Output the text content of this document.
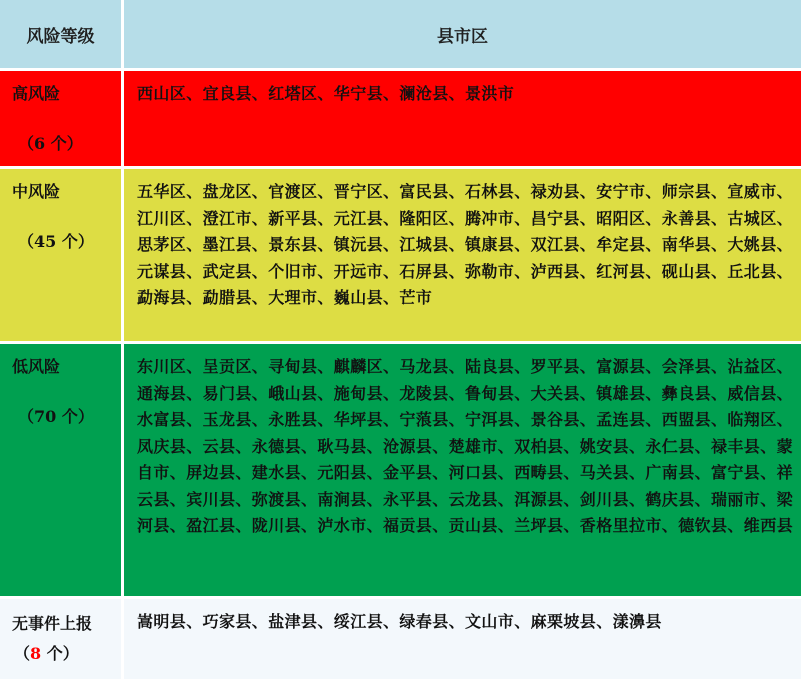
风险等级	县市区
高风险
（6 个）
西山区、宜良县、红塔区、华宁县、澜沧县、景洪市
中风险
（45 个）
五华区、盘龙区、官渡区、晋宁区、富民县、石林县、禄劝县、安宁市、师宗县、宣威市、江川区、澄江市、新平县、元江县、隆阳区、腾冲市、昌宁县、昭阳区、永善县、古城区、思茅区、墨江县、景东县、镇沅县、江城县、镇康县、双江县、牟定县、南华县、大姚县、元谋县、武定县、个旧市、开远市、石屏县、弥勒市、泸西县、红河县、砚山县、丘北县、勐海县、勐腊县、大理市、巍山县、芒市
低风险
（70 个）
东川区、呈贡区、寻甸县、麒麟区、马龙县、陆良县、罗平县、富源县、会泽县、沾益区、通海县、易门县、峨山县、施甸县、龙陵县、鲁甸县、大关县、镇雄县、彝良县、威信县、水富县、玉龙县、永胜县、华坪县、宁蒗县、宁洱县、景谷县、孟连县、西盟县、临翔区、凤庆县、云县、永德县、耿马县、沧源县、楚雄市、双柏县、姚安县、永仁县、禄丰县、蒙自市、屏边县、建水县、元阳县、金平县、河口县、西畴县、马关县、广南县、富宁县、祥云县、宾川县、弥渡县、南涧县、永平县、云龙县、洱源县、剑川县、鹤庆县、瑞丽市、梁河县、盈江县、陇川县、泸水市、福贡县、贡山县、兰坪县、香格里拉市、德钦县、维西县
无事件上报
（8 个）
嵩明县、巧家县、盐津县、绥江县、绿春县、文山市、麻栗坡县、漾濞县
